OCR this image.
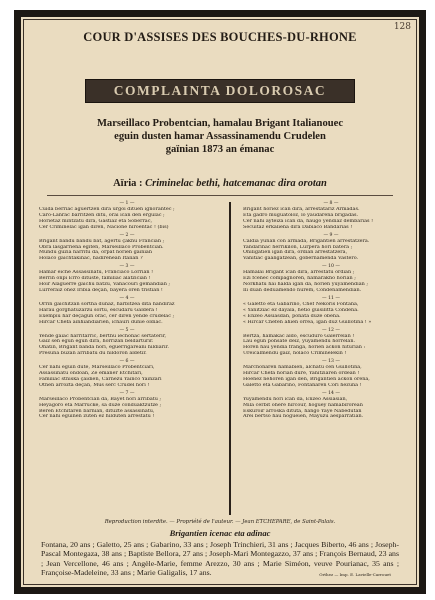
128
COUR D'ASSISES DES BOUCHES-DU-RHONE
COMPLAINTA DOLOROSAC
Marseillaco Probentcian, hamalau Brigant Italianouec
eguin dusten hamar Assassinamendu Crudelen
gaïnian 1873 an émanac
Aïria : Criminelac bethi, hatcemanac dira orotan
— 1 —
Cuida berriac aguertzen dira urgoi dituen ignorantec ;
Caro-Lanrac barritzen ditu, orai ican den ergulac ;
Horietaz mintzatu dira, Gastiaz eta Soberrac,
Cer Criminelac igan diren, Nacioné hiroentac ! (bis)
— 2 —
Brigant bandu bandu bat, agertu çakhu Francian ;
Obra lasgarriena egiten, Marseillaco Probentcian.
Mundu guzia harritu da, orpat horien gainian
Holaco gaichtakinac, hadirenean Italian ?
— 3 —
Hamar eiche Assassinatu, Franciaco Lorrian !
Berrin onpi Erro dituste, familiac alatzician !
Hoir Alaguerre gaichu batzu, Vahacouri gemandian ;
Lurreraiz ohez Iribia deçan, bayera oren tristian !
— 4 —
Orrin gaichitzan sortha dunaz, harbitzea dita handiraz
Harau gorghatuzarzu sortu, escudaru Galdera !
Exempiu har dêçagun orac, cer diren yende crudelac ;
Hircar Chefa ainhiandiarien, ichauri dunié oldiac.
— 5 —
Yende gaiac harritarric, berthu iechonac sertaterir,
Gaiz sen égun égun dira, horrizan beldarturir.
Ohatin, Brigant banda hori, eguerrigareani hildiarir.
Presuna buzan arribatu du hildoron aldetir.
— 6 —
Cer nahi éguin dute, Marseillaco Probentciari,
Assassinatu ondoan, Ze émaner Etchitari,
Familiac sthiska çaidien, Carnezu Yainco Yainzari
Othen arrozta déçan, Mus serc Crudel hori !
— 7 —
Marseillaco Probentcian da, Bayet hori arribatu ;
Heyagoro éta Marrucke, sa duze conduaktzutze ;
Beren Etchitaren barnian, dituzte assassinatu,
Cer nahi éguinen zuten ez hilduten arrestatu !
— 8 —
Brigant horiez ican dira, arrestatariz Armadas.
Eta gadro muguatoloz, lo yaudarena brigadas.
Cer nahi ayteiza ican da, haugo yendiaz dembarias !
Secuitaz erkaliena dira Dabiaco Bandarias !
— 9 —
Caldia yunan con armada, Brigantien arrestatzera.
Yandarinac herrikilon, Lurpera hori batera ;
Ohiligatien igan dira, ordian arrestatzera,
Vanitiac gaaligatzean, gobernamenda Vastero.
— 10 —
Hamalai Brigant ican dira, arrestatu ordian ;
Ezi fcenec compagnoren, hamarakho horian ;
Norkhatu hai halda igan da, horien yuyamendian ;
Ili duan deduamendo hurem, Condenamendian.
— 11 —
« Galetto eta Gabarino, Chef Nekoris Fontana,
« Yanitziac ez dayala, hetio guisilitta Condena.
« Enzeo Assiasdan, ponata duze obena.
« Hircar Chefen ahien orrea, igan duz Guillotina ! »
— 12 —
Bertza, hamakac aldo, escuduro Galerrelan !
Lau egun ponsate deiz, yuyamendu horrelan.
Horen hau yendia franga, horien ackon hiturian :
Ureicalmendu gaiz, holaco Criminelekin !
— 13 —
Marchonaren hamabien, alchatu cen Guillotina,
Hircar Chefa horian dure, Yanitziaren ordean !
Hoenez nehoren igan den, Brigantien ackon orena,
Galetto eta Gabarino, Fontanaren Cori hezuna !
— 14 —
Yuyamendu hori ican da, Enzeo Assiasian,
Mila cerbit ohere hircour, hoguey hamabirorean
Eskuroir arroska dituta, hango Yayé Nabedutan
Arei bertso hau hoguéien, Mayuzu aesparratian.
Reproduction interdite. — Propriété de l'auteur. — Jean ETCHEPARE, de Saint-Palais.
Brigantien icenac eta adinac
Fontana, 20 ans ; Galetto, 25 ans ; Gabarino, 33 ans ; Joseph Trinchieri, 31 ans ; Jacques Biberto, 46 ans ; Joseph-Pascal Montegaza, 38 ans ; Baptiste Bellora, 27 ans ; Joseph-Mari Montegazzo, 37 ans ; François Bernaud, 23 ans ; Jean Vercellone, 46 ans ; Angèle-Marie, femme Arezzo, 30 ans ; Marie Siméon, veuve Pourianac, 35 ans ; Françoise-Madeleine, 33 ans ; Marie Galigalis, 17 ans.	Orthez — Imp. E. Lavielle-Carrouet
